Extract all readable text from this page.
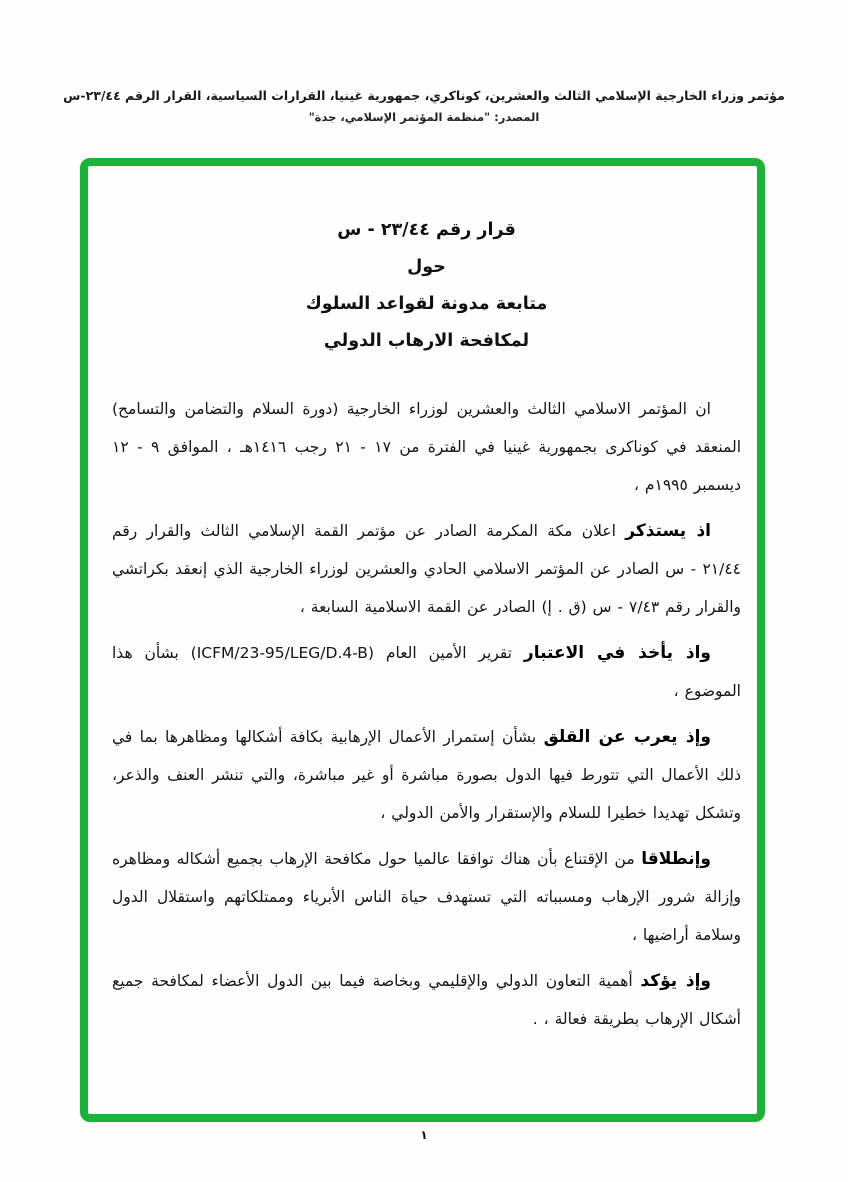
مؤتمر وزراء الخارجية الإسلامي الثالث والعشرين، كوناكري، جمهورية غينيا، القرارات السياسية، القرار الرقم ٢٣/٤٤-س
المصدر: "منظمة المؤتمر الإسلامي، جدة"
قرار رقم ٢٣/٤٤ - س
حول
متابعة مدونة لقواعد السلوك
لمكافحة الارهاب الدولي

ان المؤتمر الاسلامي الثالث والعشرين لوزراء الخارجية (دورة السلام والتضامن والتسامح) المنعقد في كوناكرى بجمهورية غينيا في الفترة من ١٧ - ٢١ رجب ١٤١٦هـ ، الموافق ٩ - ١٢ ديسمبر ١٩٩٥م ،

اذ يستذكر اعلان مكة المكرمة الصادر عن مؤتمر القمة الإسلامي الثالث والقرار رقم ٢١/٤٤ - س الصادر عن المؤتمر الاسلامي الحادي والعشرين لوزراء الخارجية الذي إنعقد بكراتشي والقرار رقم ٧/٤٣ - س (ق . إ) الصادر عن القمة الاسلامية السابعة ،

واذ يأخذ في الاعتبار تقرير الأمين العام (ICFM/23-95/LEG/D.4-B) بشأن هذا الموضوع ،

وإذ يعرب عن القلق بشأن إستمرار الأعمال الإرهابية بكافة أشكالها ومظاهرها بما في ذلك الأعمال التي تتورط فيها الدول بصورة مباشرة أو غير مباشرة، والتي تنشر العنف والذعر، وتشكل تهديدا خطيرا للسلام والإستقرار والأمن الدولي ،

وإنطلاقا من الإقتناع بأن هناك توافقا عالميا حول مكافحة الإرهاب بجميع أشكاله ومظاهره وإزالة شرور الإرهاب ومسبباته التي تستهدف حياة الناس الأبرياء وممتلكاتهم واستقلال الدول وسلامة أراضيها ،

وإذ يؤكد أهمية التعاون الدولي والإقليمي وبخاصة فيما بين الدول الأعضاء لمكافحة جميع أشكال الإرهاب بطريقة فعالة ، .

١
